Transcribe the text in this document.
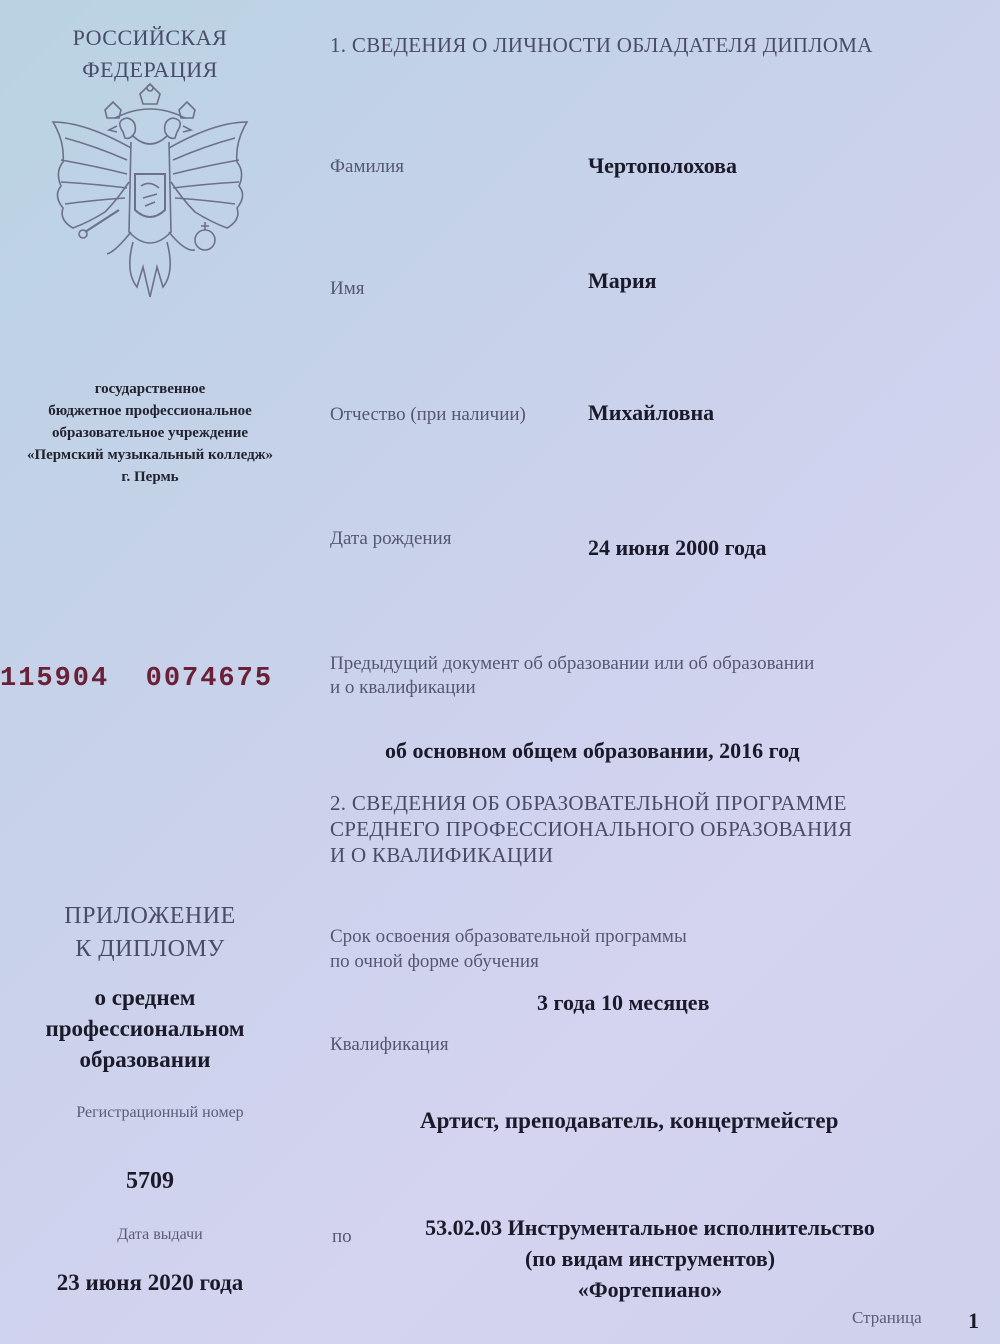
РОССИЙСКАЯ
ФЕДЕРАЦИЯ
государственное
бюджетное профессиональное
образовательное учреждение
«Пермский музыкальный колледж»
г. Пермь
115904  0074675
ПРИЛОЖЕНИЕ
К ДИПЛОМУ
о среднем
профессиональном
образовании
Регистрационный номер
5709
Дата выдачи
23 июня 2020 года
1. СВЕДЕНИЯ О ЛИЧНОСТИ ОБЛАДАТЕЛЯ ДИПЛОМА
Фамилия	Чертополохова
Имя	Мария
Отчество (при наличии)	Михайловна
Дата рождения	24 июня 2000 года
Предыдущий документ об образовании или об образовании
и о квалификации
об основном общем образовании, 2016 год
2. СВЕДЕНИЯ ОБ ОБРАЗОВАТЕЛЬНОЙ ПРОГРАММЕ
СРЕДНЕГО ПРОФЕССИОНАЛЬНОГО ОБРАЗОВАНИЯ
И О КВАЛИФИКАЦИИ
Срок освоения образовательной программы
по очной форме обучения
3 года 10 месяцев
Квалификация
Артист, преподаватель, концертмейстер
по	53.02.03 Инструментальное исполнительство
(по видам инструментов)
«Фортепиано»
Страница 1
